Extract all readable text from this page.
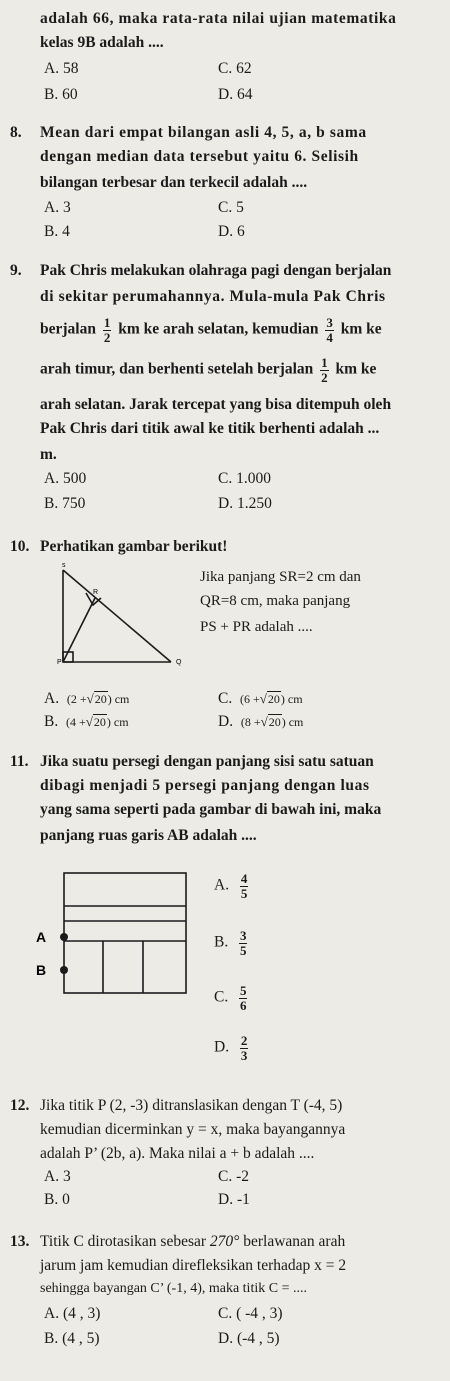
adalah 66, maka rata-rata nilai ujian matematika
kelas 9B adalah ....
A. 58	C. 62
B. 60	D. 64
8. Mean dari empat bilangan asli 4, 5, a, b sama
dengan median data tersebut yaitu 6. Selisih
bilangan terbesar dan terkecil adalah ....
A. 3	C. 5
B. 4	D. 6
9. Pak Chris melakukan olahraga pagi dengan berjalan
di sekitar perumahannya. Mula-mula Pak Chris
berjalan $\frac{1}{2}$ km ke arah selatan, kemudian $\frac{3}{4}$ km ke
arah timur, dan berhenti setelah berjalan $\frac{1}{2}$ km ke
arah selatan. Jarak tercepat yang bisa ditempuh oleh
Pak Chris dari titik awal ke titik berhenti adalah ...
m.
A. 500	C. 1.000
B. 750	D. 1.250
10. Perhatikan gambar berikut!
s
R
P	Q
Jika panjang SR=2 cm dan
QR=8 cm, maka panjang
PS + PR adalah ....
A. (2 +√20) cm	C. (6 +√20) cm
B. (4 +√20) cm	D. (8 +√20) cm
11. Jika suatu persegi dengan panjang sisi satu satuan
dibagi menjadi 5 persegi panjang dengan luas
yang sama seperti pada gambar di bawah ini, maka
panjang ruas garis AB adalah ....
A
B
A. $\frac{4}{5}$
B. $\frac{3}{5}$
C. $\frac{5}{6}$
D. $\frac{2}{3}$
12. Jika titik P (2, -3) ditranslasikan dengan T (-4, 5)
kemudian dicerminkan y = x, maka bayangannya
adalah P’ (2b, a). Maka nilai a + b adalah ....
A. 3	C. -2
B. 0	D. -1
13. Titik C dirotasikan sebesar 270° berlawanan arah
jarum jam kemudian direfleksikan terhadap x = 2
sehingga bayangan C’ (-1, 4), maka titik C = ....
A. (4 , 3)	C. ( -4 , 3)
B. (4 , 5)	D. (-4 , 5)
